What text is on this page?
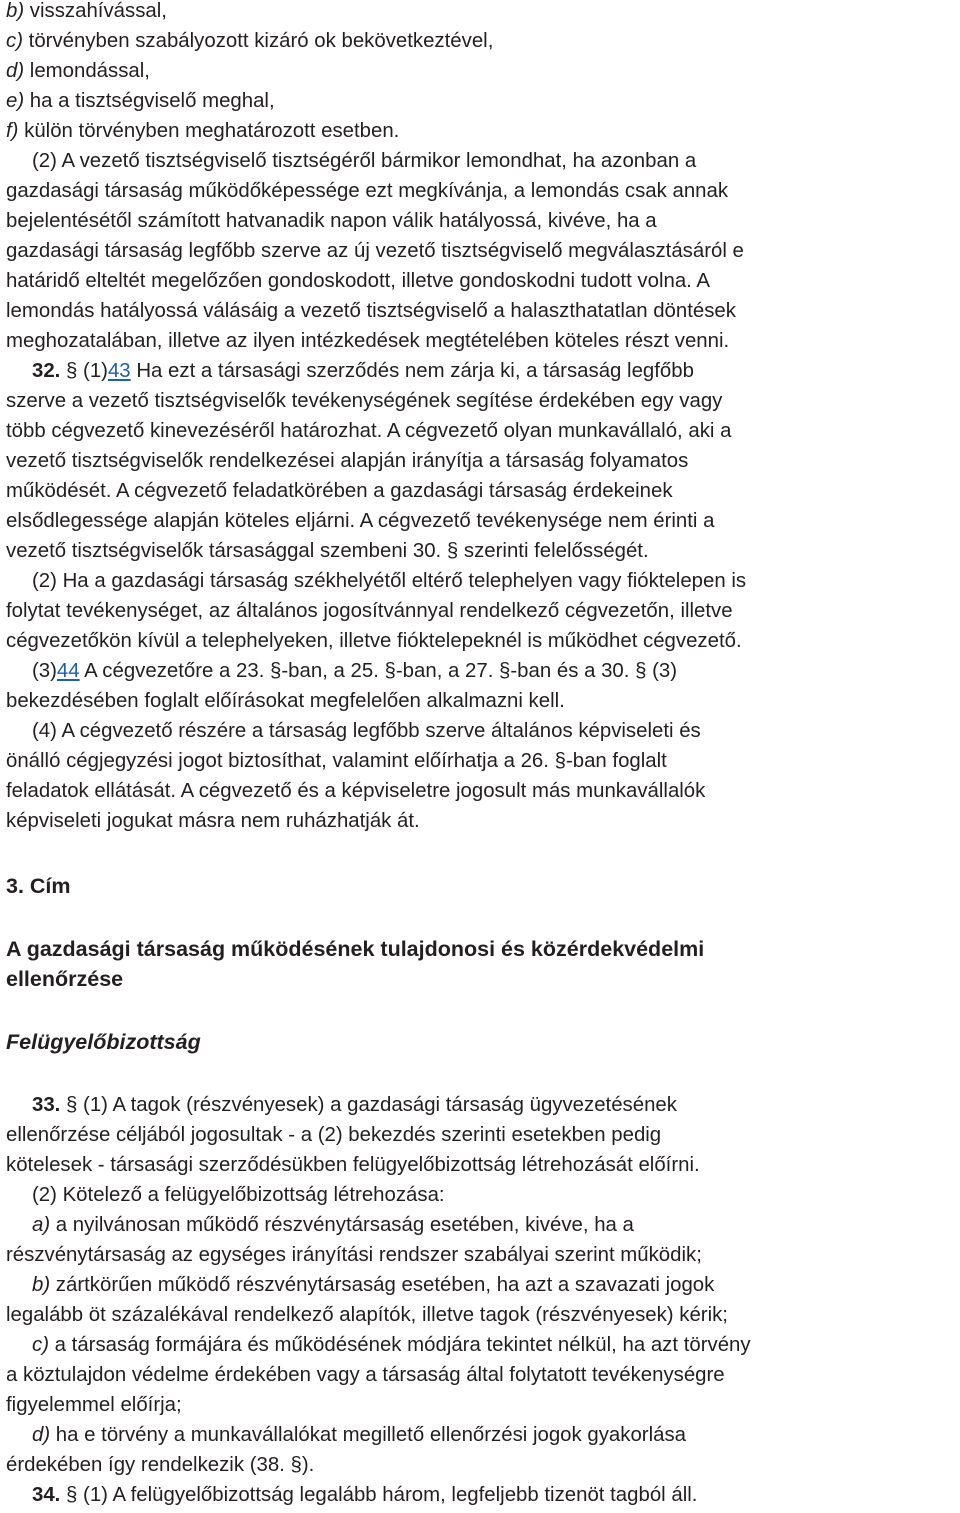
b) visszahívással,
c) törvényben szabályozott kizáró ok bekövetkeztével,
d) lemondással,
e) ha a tisztségviselő meghal,
f) külön törvényben meghatározott esetben.
(2) A vezető tisztségviselő tisztségéről bármikor lemondhat, ha azonban a
gazdasági társaság működőképessége ezt megkívánja, a lemondás csak annak
bejelentésétől számított hatvanadik napon válik hatályossá, kivéve, ha a
gazdasági társaság legfőbb szerve az új vezető tisztségviselő megválasztásáról e
határidő elteltét megelőzően gondoskodott, illetve gondoskodni tudott volna. A
lemondás hatályossá válásáig a vezető tisztségviselő a halaszthatatlan döntések
meghozatalában, illetve az ilyen intézkedések megtételében köteles részt venni.
32. § (1)43 Ha ezt a társasági szerződés nem zárja ki, a társaság legfőbb
szerve a vezető tisztségviselők tevékenységének segítése érdekében egy vagy
több cégvezető kinevezéséről határozhat. A cégvezető olyan munkavállaló, aki a
vezető tisztségviselők rendelkezései alapján irányítja a társaság folyamatos
működését. A cégvezető feladatkörében a gazdasági társaság érdekeinek
elsődlegessége alapján köteles eljárni. A cégvezető tevékenysége nem érinti a
vezető tisztségviselők társasággal szembeni 30. § szerinti felelősségét.
(2) Ha a gazdasági társaság székhelyétől eltérő telephelyen vagy fióktelepen is
folytat tevékenységet, az általános jogosítvánnyal rendelkező cégvezetőn, illetve
cégvezetőkön kívül a telephelyeken, illetve fióktelepeknél is működhet cégvezető.
(3)44 A cégvezetőre a 23. §-ban, a 25. §-ban, a 27. §-ban és a 30. § (3)
bekezdésében foglalt előírásokat megfelelően alkalmazni kell.
(4) A cégvezető részére a társaság legfőbb szerve általános képviseleti és
önálló cégjegyzési jogot biztosíthat, valamint előírhatja a 26. §-ban foglalt
feladatok ellátását. A cégvezető és a képviseletre jogosult más munkavállalók
képviseleti jogukat másra nem ruházhatják át.
3. Cím
A gazdasági társaság működésének tulajdonosi és közérdekvédelmi
ellenőrzése
Felügyelőbizottság
33. § (1) A tagok (részvényesek) a gazdasági társaság ügyvezetésének
ellenőrzése céljából jogosultak - a (2) bekezdés szerinti esetekben pedig
kötelesek - társasági szerződésükben felügyelőbizottság létrehozását előírni.
(2) Kötelező a felügyelőbizottság létrehozása:
a) a nyilvánosan működő részvénytársaság esetében, kivéve, ha a
részvénytársaság az egységes irányítási rendszer szabályai szerint működik;
b) zártkörűen működő részvénytársaság esetében, ha azt a szavazati jogok
legalább öt százalékával rendelkező alapítók, illetve tagok (részvényesek) kérik;
c) a társaság formájára és működésének módjára tekintet nélkül, ha azt törvény
a köztulajdon védelme érdekében vagy a társaság által folytatott tevékenységre
figyelemmel előírja;
d) ha e törvény a munkavállalókat megillető ellenőrzési jogok gyakorlása
érdekében így rendelkezik (38. §).
34. § (1) A felügyelőbizottság legalább három, legfeljebb tizenöt tagból áll.
